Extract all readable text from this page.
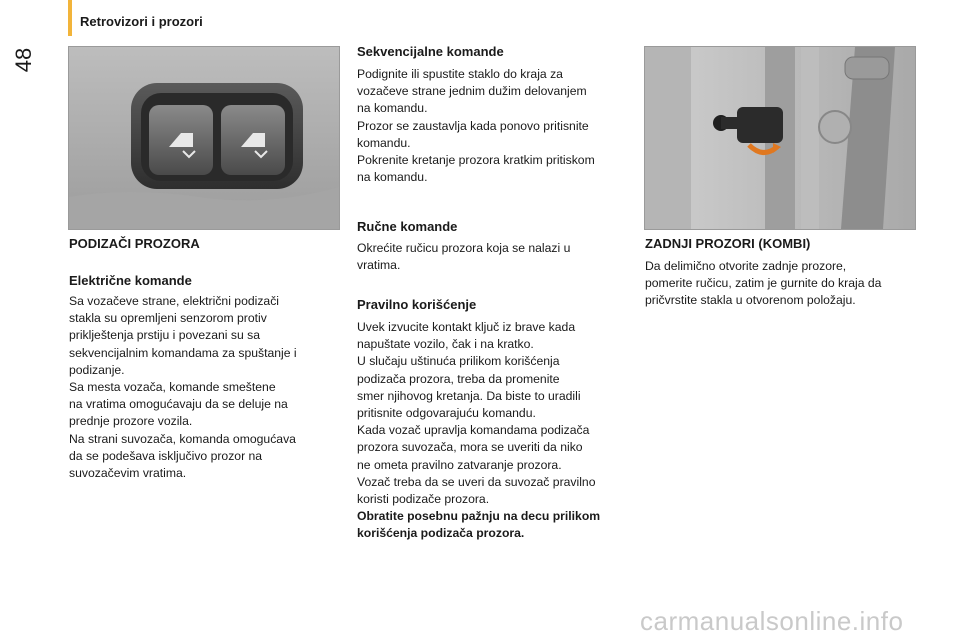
Retrovizori i prozori
48
PODIZAČI PROZORA
Električne komande
Sa vozačeve strane, električni podizači
stakla su opremljeni senzorom protiv
priklještenja prstiju i povezani su sa
sekvencijalnim komandama za spuštanje i
podizanje.
Sa mesta vozača, komande smeštene
na vratima omogućavaju da se deluje na
prednje prozore vozila.
Na strani suvozača, komanda omogućava
da se podešava isključivo prozor na
suvozačevim vratima.
Sekvencijalne komande
Podignite ili spustite staklo do kraja za
vozačeve strane jednim dužim delovanjem
na komandu.
Prozor se zaustavlja kada ponovo pritisnite
komandu.
Pokrenite kretanje prozora kratkim pritiskom
na komandu.
Ručne komande
Okrećite ručicu prozora koja se nalazi u
vratima.
Pravilno korišćenje
Uvek izvucite kontakt ključ iz brave kada
napuštate vozilo, čak i na kratko.
U slučaju uštinuća prilikom korišćenja
podizača prozora, treba da promenite
smer njihovog kretanja. Da biste to uradili
pritisnite odgovarajuću komandu.
Kada vozač upravlja komandama podizača
prozora suvozača, mora se uveriti da niko
ne ometa pravilno zatvaranje prozora.
Vozač treba da se uveri da suvozač pravilno
koristi podizače prozora.
Obratite posebnu pažnju na decu prilikom
korišćenja podizača prozora.
ZADNJI PROZORI (KOMBI)
Da delimično otvorite zadnje prozore,
pomerite ručicu, zatim je gurnite do kraja da
pričvrstite stakla u otvorenom položaju.
carmanualsonline.info
